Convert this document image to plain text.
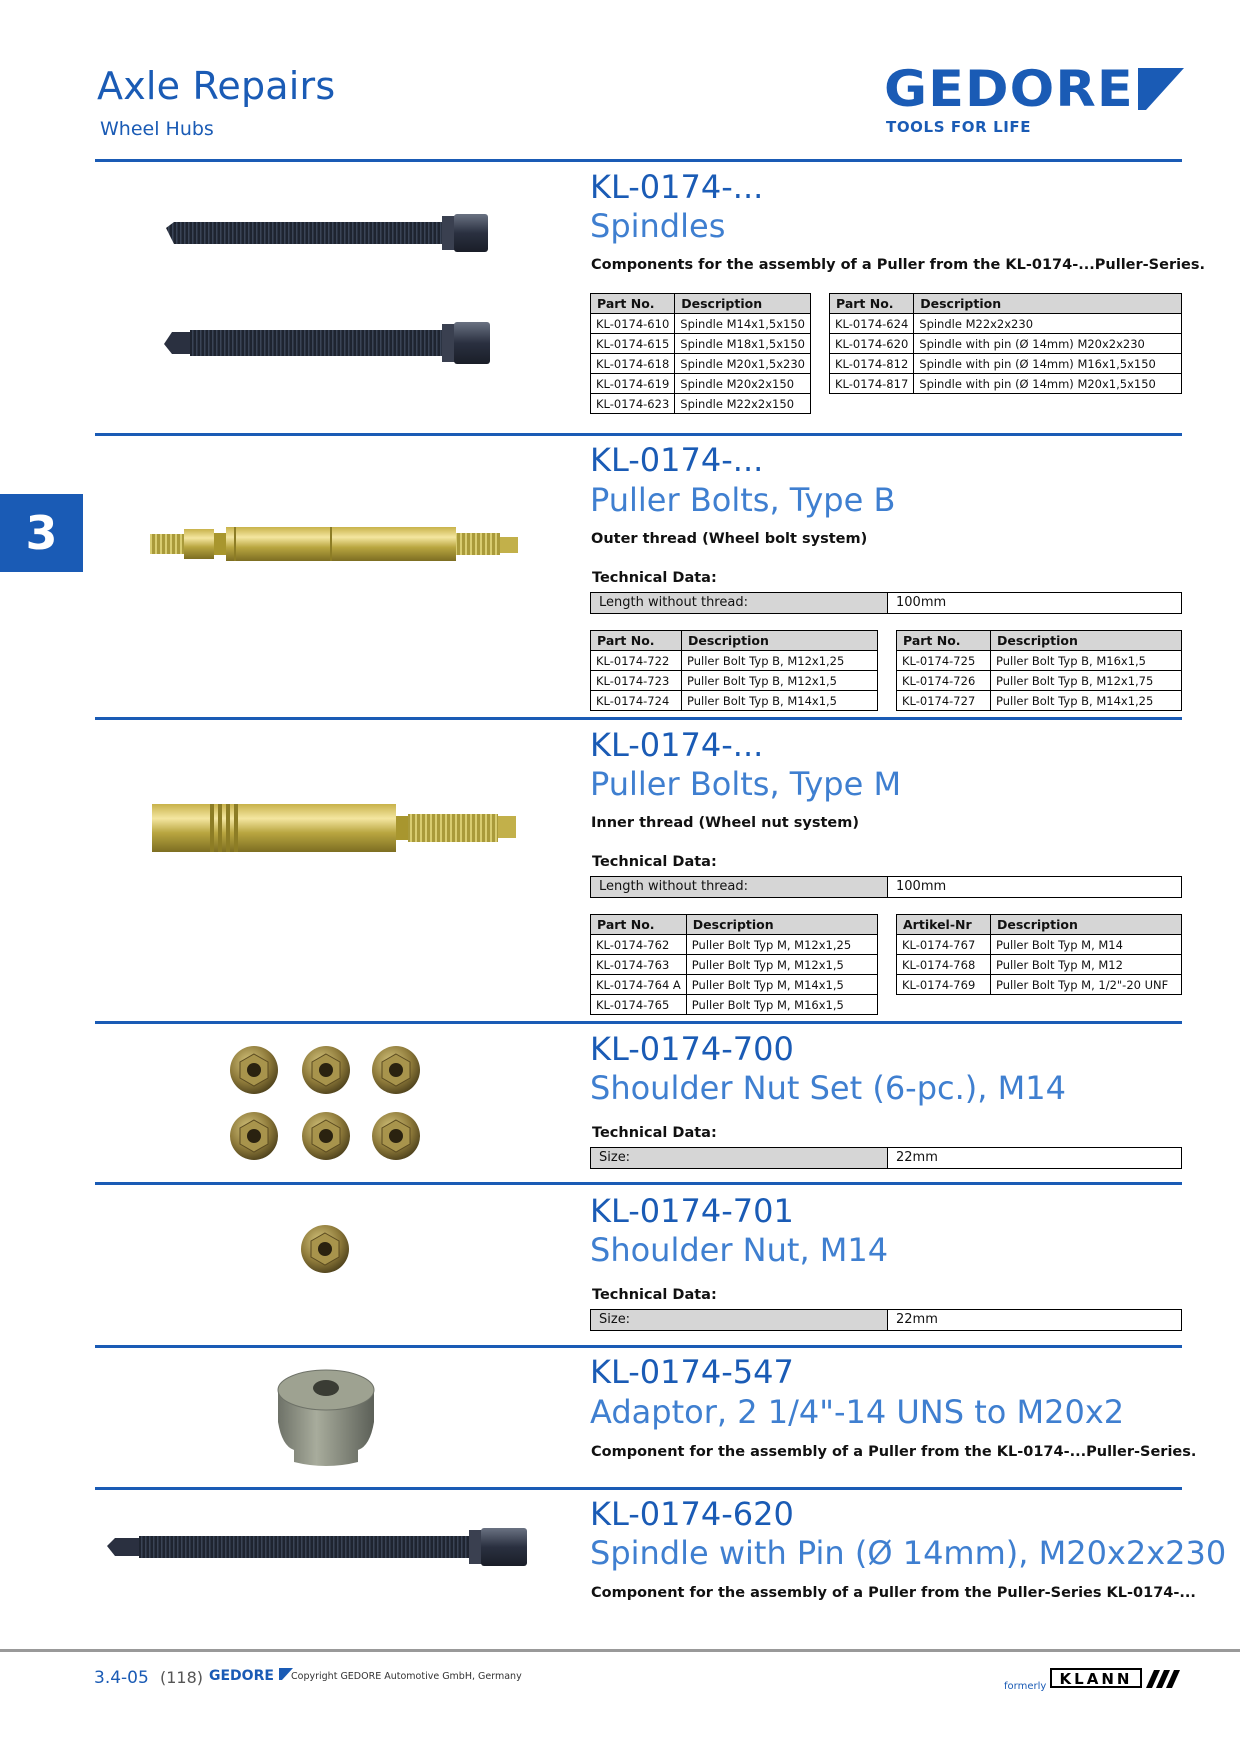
Axle Repairs
Wheel Hubs
GEDORE
TOOLS FOR LIFE
3
KL-0174-...
Spindles
Components for the assembly of a Puller from the KL-0174-...Puller-Series.
Part No.	Description
KL-0174-610	Spindle M14x1,5x150
KL-0174-615	Spindle M18x1,5x150
KL-0174-618	Spindle M20x1,5x230
KL-0174-619	Spindle M20x2x150
KL-0174-623	Spindle M22x2x150
Part No.	Description
KL-0174-624	Spindle M22x2x230
KL-0174-620	Spindle with pin (Ø 14mm) M20x2x230
KL-0174-812	Spindle with pin (Ø 14mm) M16x1,5x150
KL-0174-817	Spindle with pin (Ø 14mm) M20x1,5x150
KL-0174-...
Puller Bolts, Type B
Outer thread (Wheel bolt system)
Technical Data:
Length without thread:	100mm
Part No.	Description
KL-0174-722	Puller Bolt Typ B, M12x1,25
KL-0174-723	Puller Bolt Typ B, M12x1,5
KL-0174-724	Puller Bolt Typ B, M14x1,5
Part No.	Description
KL-0174-725	Puller Bolt Typ B, M16x1,5
KL-0174-726	Puller Bolt Typ B, M12x1,75
KL-0174-727	Puller Bolt Typ B, M14x1,25
KL-0174-...
Puller Bolts, Type M
Inner thread (Wheel nut system)
Technical Data:
Length without thread:	100mm
Part No.	Description
KL-0174-762	Puller Bolt Typ M, M12x1,25
KL-0174-763	Puller Bolt Typ M, M12x1,5
KL-0174-764 A	Puller Bolt Typ M, M14x1,5
KL-0174-765	Puller Bolt Typ M, M16x1,5
Artikel-Nr	Description
KL-0174-767	Puller Bolt Typ M, M14
KL-0174-768	Puller Bolt Typ M, M12
KL-0174-769	Puller Bolt Typ M, 1/2"-20 UNF
KL-0174-700
Shoulder Nut Set (6-pc.), M14
Technical Data:
Size:	22mm
KL-0174-701
Shoulder Nut, M14
Technical Data:
Size:	22mm
KL-0174-547
Adaptor, 2 1/4"-14 UNS to M20x2
Component for the assembly of a Puller from the KL-0174-...Puller-Series.
KL-0174-620
Spindle with Pin (Ø 14mm), M20x2x230
Component for the assembly of a Puller from the Puller-Series KL-0174-...
3.4-05 (118) GEDORE	Copyright GEDORE Automotive GmbH, Germany
formerly KLANN
